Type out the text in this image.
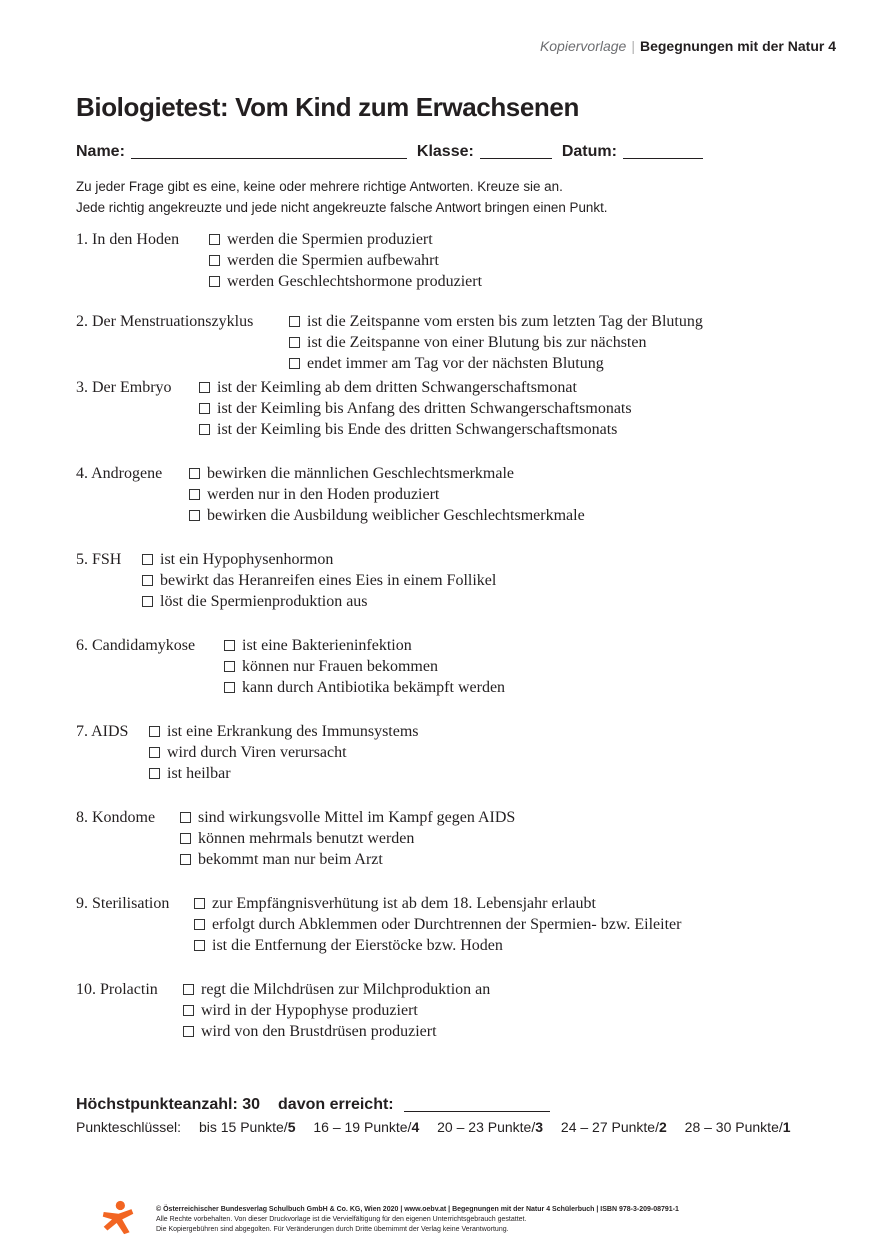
Kopiervorlage | Begegnungen mit der Natur 4
Biologietest: Vom Kind zum Erwachsenen
Name:	Klasse:	Datum:
Zu jeder Frage gibt es eine, keine oder mehrere richtige Antworten. Kreuze sie an.
Jede richtig angekreuzte und jede nicht angekreuzte falsche Antwort bringen einen Punkt.
1. In den Hoden	werden die Spermien produziert
werden die Spermien aufbewahrt
werden Geschlechtshormone produziert
2. Der Menstruationszyklus	ist die Zeitspanne vom ersten bis zum letzten Tag der Blutung
ist die Zeitspanne von einer Blutung bis zur nächsten
endet immer am Tag vor der nächsten Blutung
3. Der Embryo	ist der Keimling ab dem dritten Schwangerschaftsmonat
ist der Keimling bis Anfang des dritten Schwangerschaftsmonats
ist der Keimling bis Ende des dritten Schwangerschaftsmonats
4. Androgene	bewirken die männlichen Geschlechtsmerkmale
werden nur in den Hoden produziert
bewirken die Ausbildung weiblicher Geschlechtsmerkmale
5. FSH	ist ein Hypophysenhormon
bewirkt das Heranreifen eines Eies in einem Follikel
löst die Spermienproduktion aus
6. Candidamykose	ist eine Bakterieninfektion
können nur Frauen bekommen
kann durch Antibiotika bekämpft werden
7. AIDS	ist eine Erkrankung des Immunsystems
wird durch Viren verursacht
ist heilbar
8. Kondome	sind wirkungsvolle Mittel im Kampf gegen AIDS
können mehrmals benutzt werden
bekommt man nur beim Arzt
9. Sterilisation	zur Empfängnisverhütung ist ab dem 18. Lebensjahr erlaubt
erfolgt durch Abklemmen oder Durchtrennen der Spermien- bzw. Eileiter
ist die Entfernung der Eierstöcke bzw. Hoden
10. Prolactin	regt die Milchdrüsen zur Milchproduktion an
wird in der Hypophyse produziert
wird von den Brustdrüsen produziert
Höchstpunkteanzahl: 30 davon erreicht:
Punkteschlüssel: bis 15 Punkte/5 16 – 19 Punkte/4 20 – 23 Punkte/3 24 – 27 Punkte/2 28 – 30 Punkte/1
© Österreichischer Bundesverlag Schulbuch GmbH & Co. KG, Wien 2020 | www.oebv.at | Begegnungen mit der Natur 4 Schülerbuch | ISBN 978-3-209-08791-1
Alle Rechte vorbehalten. Von dieser Druckvorlage ist die Vervielfältigung für den eigenen Unterrichtsgebrauch gestattet.
Die Kopiergebühren sind abgegolten. Für Veränderungen durch Dritte übernimmt der Verlag keine Verantwortung.
